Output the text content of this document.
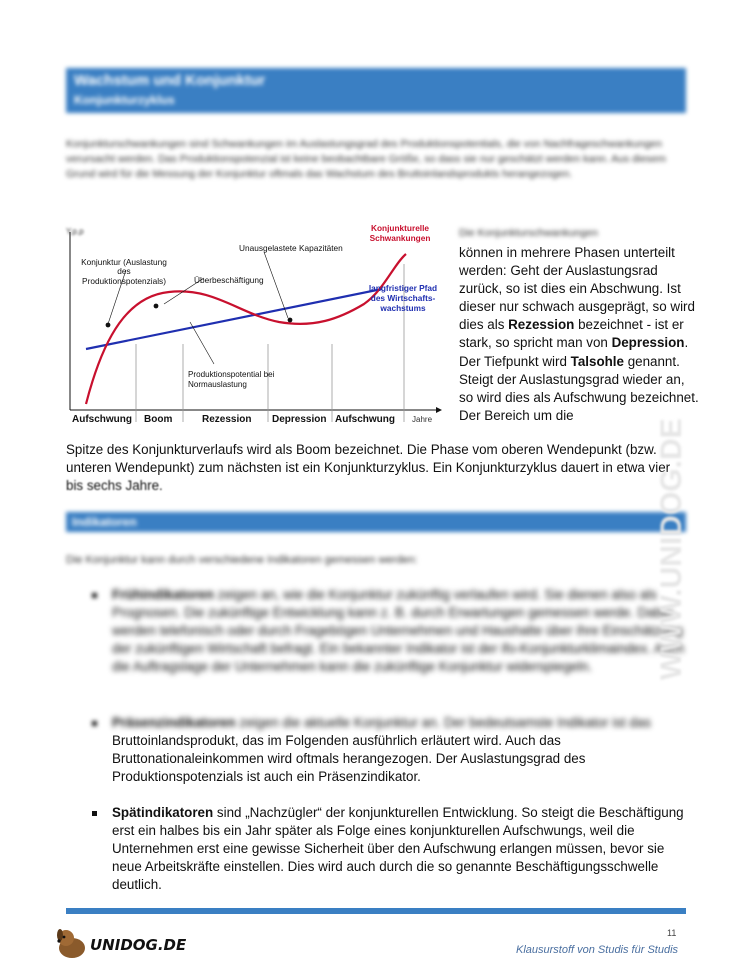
Wachstum und Konjunktur
Konjunkturzyklus
Konjunkturschwankungen sind Schwankungen im Auslastungsgrad des Produktionspotentials, die von Nachfrageschwankungen verursacht werden. Das Produktionspotenzial ist keine beobachtbare Größe, so dass sie nur geschätzt werden kann. Aus diesem Grund wird für die Messung der Konjunktur oftmals das Wachstum des Bruttoinlandsprodukts herangezogen.
Y,p,p
Konjunktur (Auslastung des Produktionspotenzials)
Unausgelastete Kapazitäten
Konjunkturelle Schwankungen
Überbeschäftigung
langfristiger Pfad des Wirtschafts-wachstums
Produktionspotential bei Normauslastung
Aufschwung Boom	Rezession Depression Aufschwung Jahre
Die Konjunkturschwankungen
können in mehrere Phasen unterteilt werden: Geht der Auslastungsrad zurück, so ist dies ein Abschwung. Ist dieser nur schwach ausgeprägt, so wird dies als Rezession bezeichnet - ist er stark, so spricht man von Depression. Der Tiefpunkt wird Talsohle genannt. Steigt der Auslastungsgrad wieder an, so wird dies als Aufschwung bezeichnet. Der Bereich um die
Spitze des Konjunkturverlaufs wird als Boom bezeichnet. Die Phase vom oberen Wendepunkt (bzw. unteren Wendepunkt) zum nächsten ist ein Konjunkturzyklus. Ein Konjunkturzyklus dauert in etwa vier
bis sechs Jahre.
Indikatoren
Die Konjunktur kann durch verschiedene Indikatoren gemessen werden:
Frühindikatoren zeigen an, wie die Konjunktur zukünftig verlaufen wird. Sie dienen also als Prognosen. Die zukünftige Entwicklung kann z. B. durch Erwartungen gemessen werde. Dabei werden telefonisch oder durch Fragebögen Unternehmen und Haushalte über ihre Einschätzung der zukünftigen Wirtschaft befragt. Ein bekannter Indikator ist der ifo-Konjunkturklimaindex. Auch die Auftragslage der Unternehmen kann die zukünftige Konjunktur widerspiegeln.
Präsenzindikatoren zeigen die aktuelle Konjunktur an. Der bedeutsamste Indikator ist das
Bruttoinlandsprodukt, das im Folgenden ausführlich erläutert wird. Auch das Bruttonationaleinkommen wird oftmals herangezogen. Der Auslastungsgrad des Produktionspotenzials ist auch ein Präsenzindikator.
Spätindikatoren sind „Nachzügler“ der konjunkturellen Entwicklung. So steigt die Beschäftigung erst ein halbes bis ein Jahr später als Folge eines konjunkturellen Aufschwungs, weil die Unternehmen erst eine gewisse Sicherheit über den Aufschwung erlangen müssen, bevor sie neue Arbeitskräfte einstellen. Dies wird auch durch die so genannte Beschäftigungsschwelle deutlich.
WWW.UNIDOG.DE
11
UNIDOG.DE	Klausurstoff von Studis für Studis
